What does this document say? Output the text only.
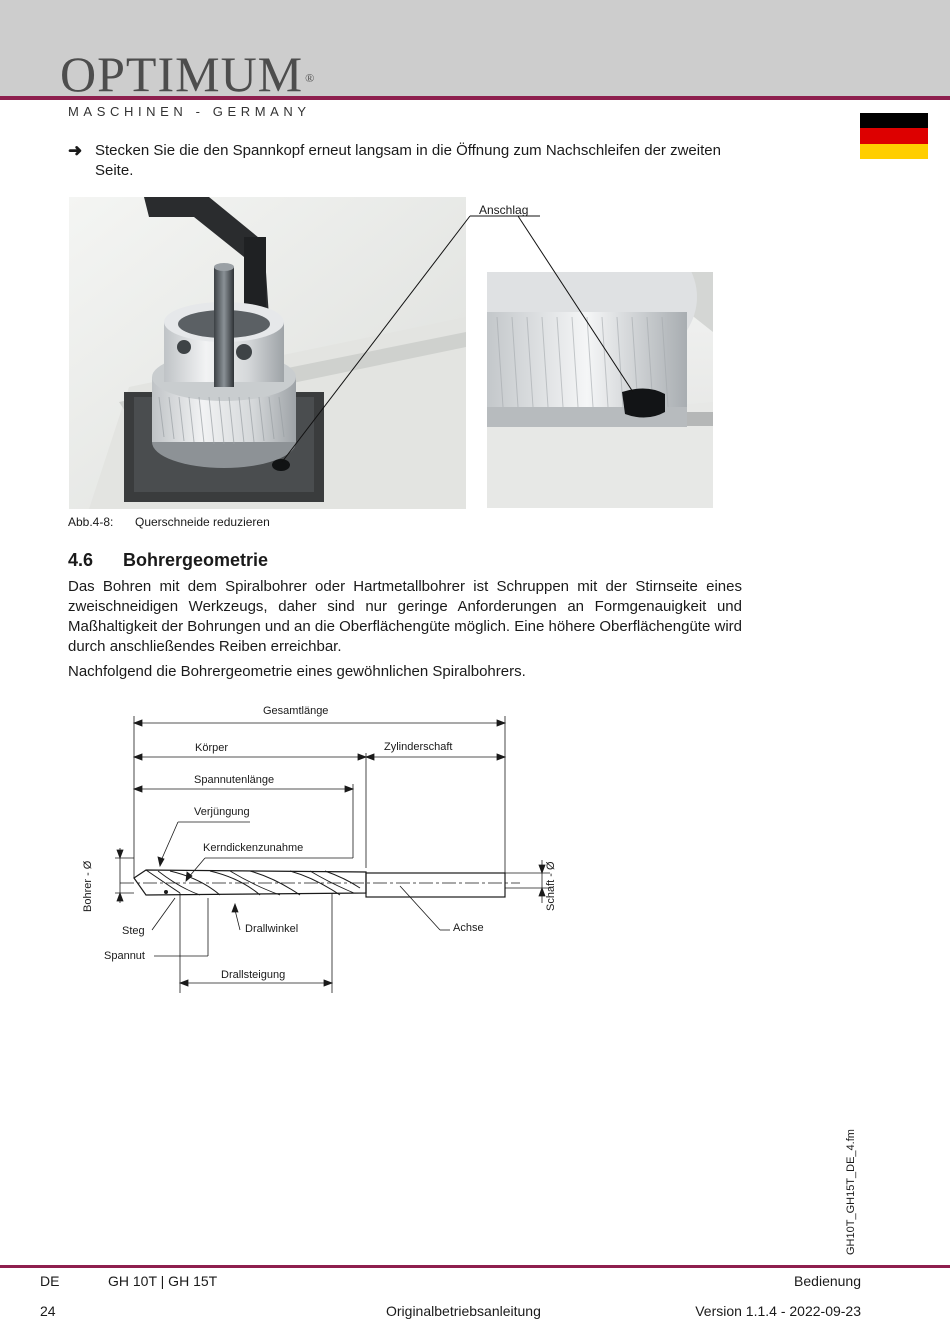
OPTIMUM ®
MASCHINEN - GERMANY
➜ Stecken Sie die den Spannkopf erneut langsam in die Öffnung zum Nachschleifen der zweiten Seite.
Anschlag
Abb.4-8: Querschneide reduzieren
4.6 Bohrergeometrie
Das Bohren mit dem Spiralbohrer oder Hartmetallbohrer ist Schruppen mit der Stirnseite eines zweischneidigen Werkzeugs, daher sind nur geringe Anforderungen an Formgenauigkeit und Maßhaltigkeit der Bohrungen und an die Oberflächengüte möglich. Eine höhere Oberflächengüte wird durch anschließendes Reiben erreichbar.
Nachfolgend die Bohrergeometrie eines gewöhnlichen Spiralbohrers.
Gesamtlänge
Körper	Zylinderschaft
Spannutenlänge
Verjüngung
Kerndickenzunahme
Bohrer - Ø	Schaft - Ø
Steg	Drallwinkel	Achse
Spannut
Drallsteigung
GH10T_GH15T_DE_4.fm
DE	GH 10T | GH 15T	Bedienung
24	Originalbetriebsanleitung	Version 1.1.4 - 2022-09-23
